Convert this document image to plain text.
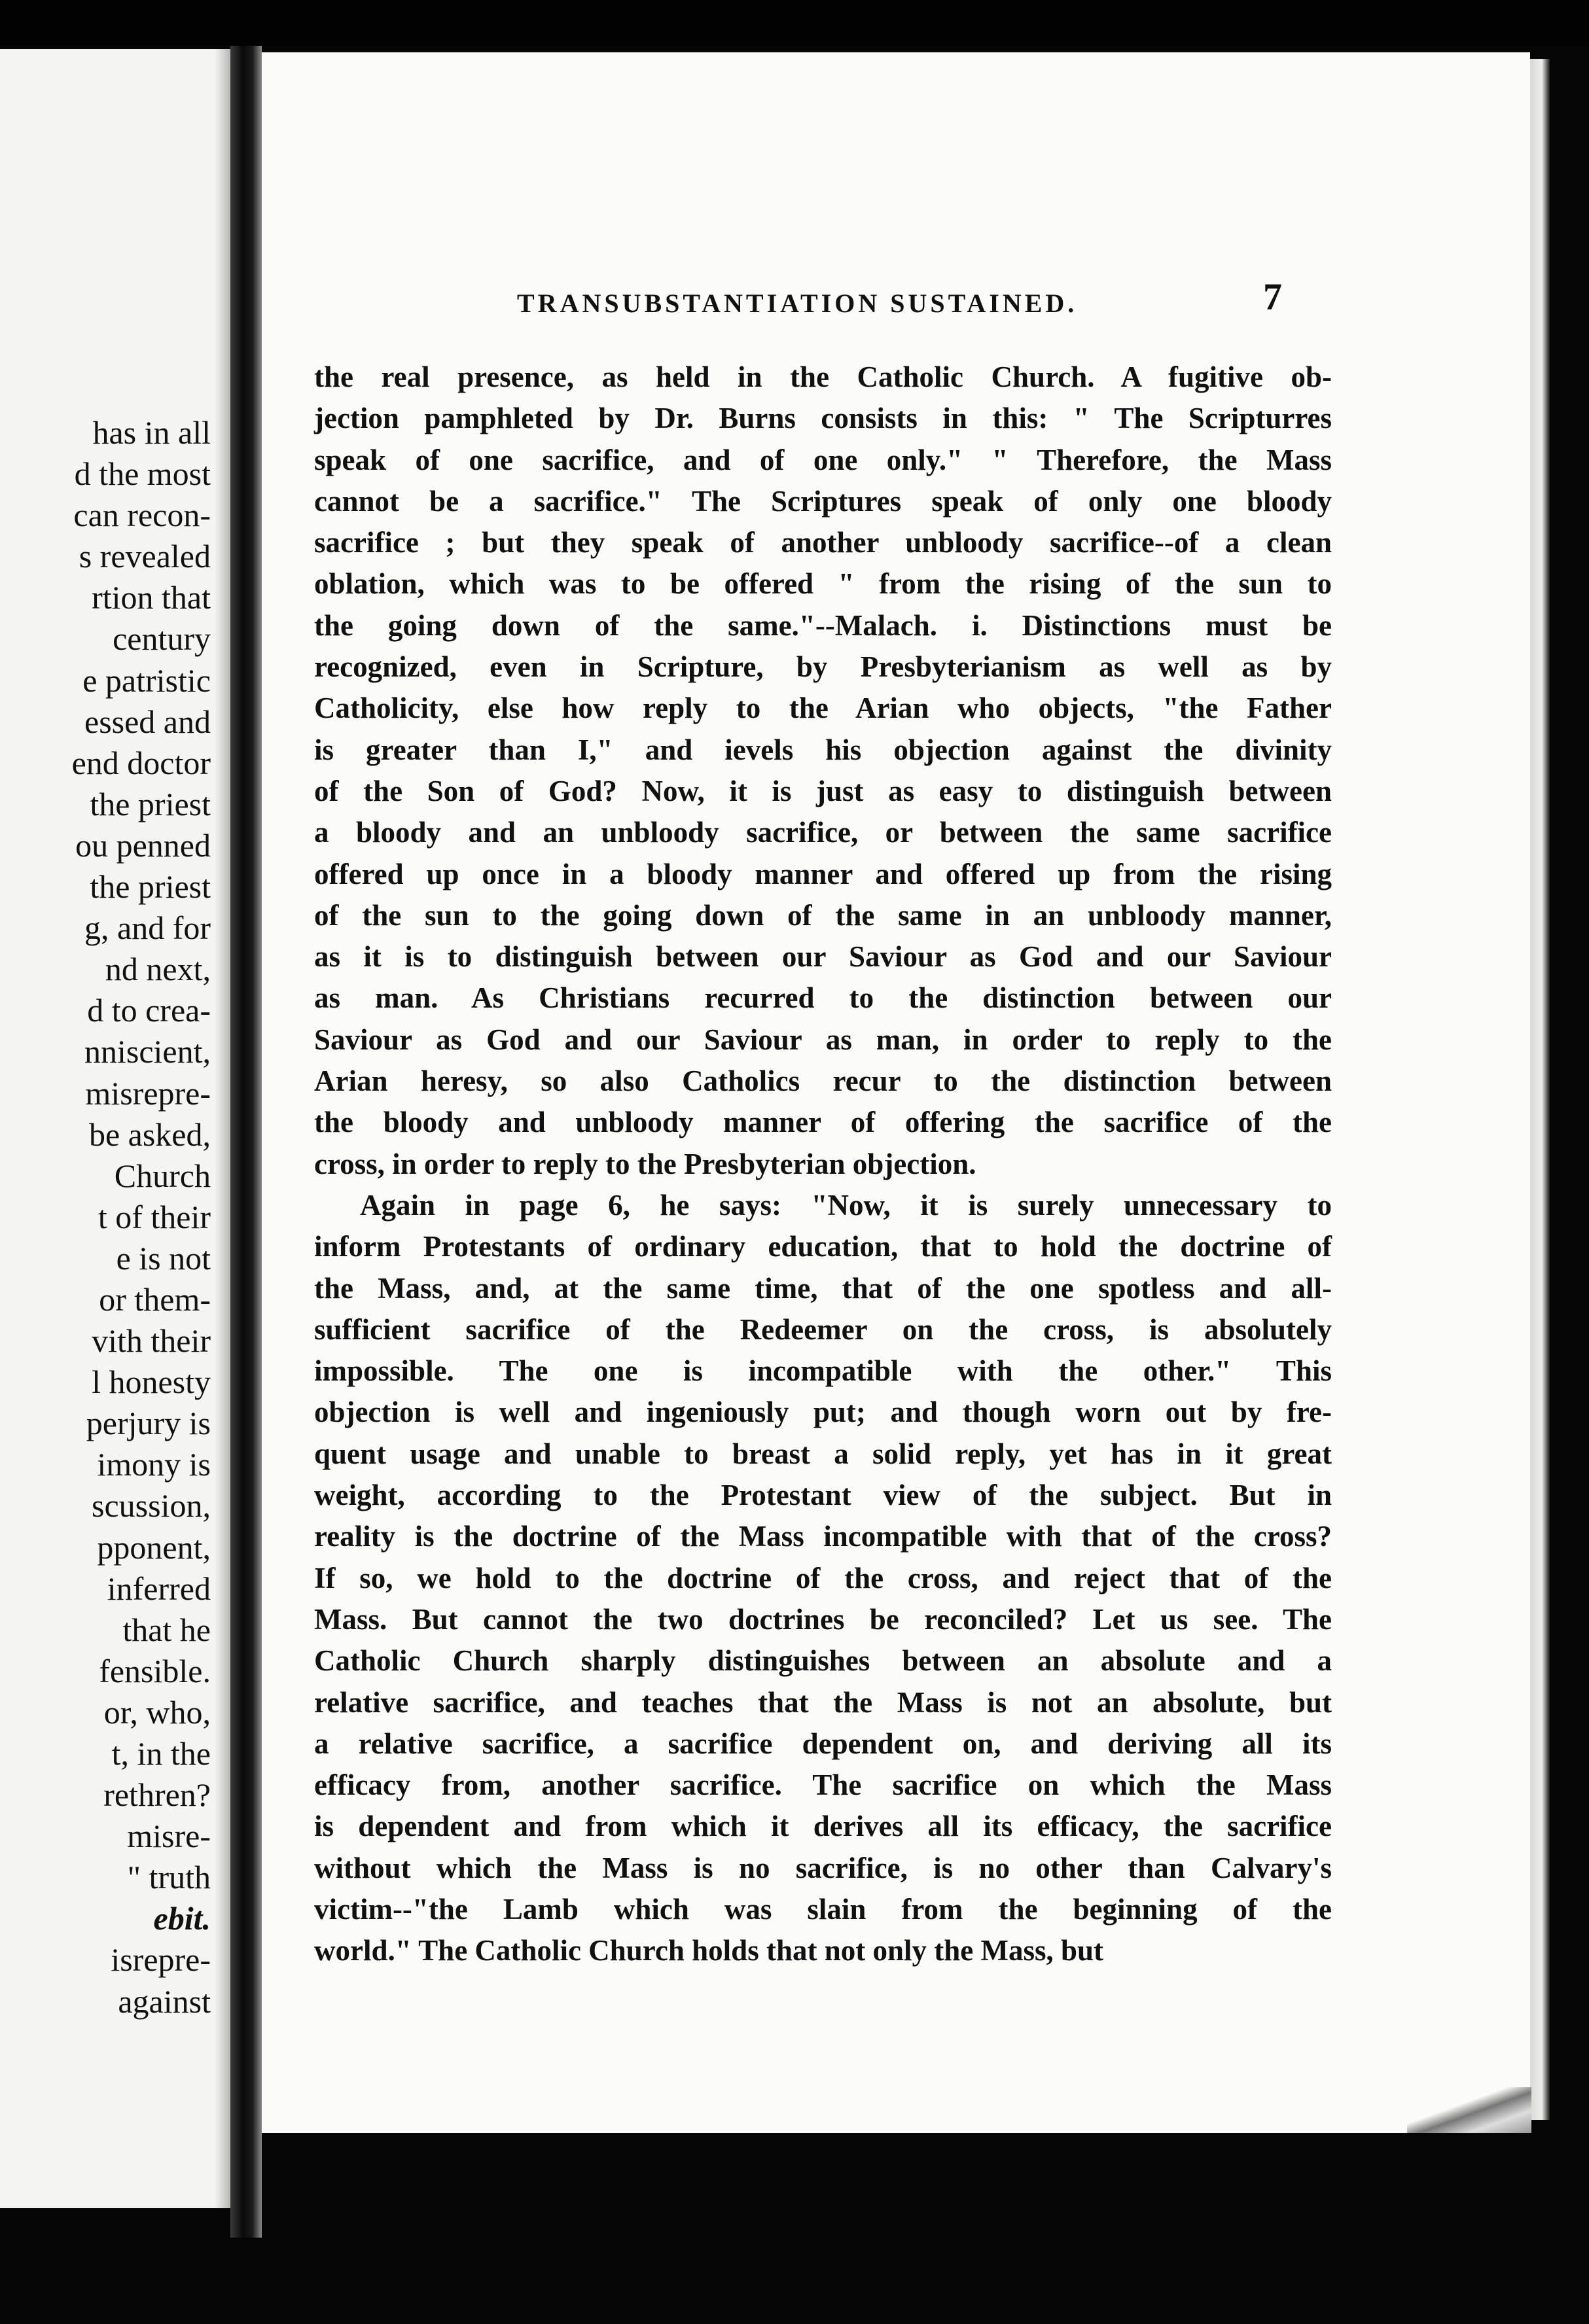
has in all
d the most
can recon-
s revealed
rtion that
century
e patristic
essed and
end doctor
the priest
ou penned
the priest
g, and for
nd next,
d to crea-
nniscient,
misrepre-
be asked,
Church
t of their
e is not
or them-
vith their
l honesty
perjury is
imony is
scussion,
pponent,
inferred
that he
fensible.
or, who,
t, in the
rethren?
misre-
" truth
ebit.
isrepre-
against
TRANSUBSTANTIATION SUSTAINED.	7
the real presence, as held in the Catholic Church. A fugitive ob-
jection pamphleted by Dr. Burns consists in this: " The Scripturres
speak of one sacrifice, and of one only." " Therefore, the Mass
cannot be a sacrifice." The Scriptures speak of only one bloody
sacrifice ; but they speak of another unbloody sacrifice--of a clean
oblation, which was to be offered " from the rising of the sun to
the going down of the same."--Malach. i. Distinctions must be
recognized, even in Scripture, by Presbyterianism as well as by
Catholicity, else how reply to the Arian who objects, "the Father
is greater than I," and ievels his objection against the divinity
of the Son of God? Now, it is just as easy to distinguish between
a bloody and an unbloody sacrifice, or between the same sacrifice
offered up once in a bloody manner and offered up from the rising
of the sun to the going down of the same in an unbloody manner,
as it is to distinguish between our Saviour as God and our Saviour
as man. As Christians recurred to the distinction between our
Saviour as God and our Saviour as man, in order to reply to the
Arian heresy, so also Catholics recur to the distinction between
the bloody and unbloody manner of offering the sacrifice of the
cross, in order to reply to the Presbyterian objection.
Again in page 6, he says: "Now, it is surely unnecessary to
inform Protestants of ordinary education, that to hold the doctrine of
the Mass, and, at the same time, that of the one spotless and all-
sufficient sacrifice of the Redeemer on the cross, is absolutely
impossible. The one is incompatible with the other." This
objection is well and ingeniously put; and though worn out by fre-
quent usage and unable to breast a solid reply, yet has in it great
weight, according to the Protestant view of the subject. But in
reality is the doctrine of the Mass incompatible with that of the cross?
If so, we hold to the doctrine of the cross, and reject that of the
Mass. But cannot the two doctrines be reconciled? Let us see. The
Catholic Church sharply distinguishes between an absolute and a
relative sacrifice, and teaches that the Mass is not an absolute, but
a relative sacrifice, a sacrifice dependent on, and deriving all its
efficacy from, another sacrifice. The sacrifice on which the Mass
is dependent and from which it derives all its efficacy, the sacrifice
without which the Mass is no sacrifice, is no other than Calvary's
victim--"the Lamb which was slain from the beginning of the
world." The Catholic Church holds that not only the Mass, but
